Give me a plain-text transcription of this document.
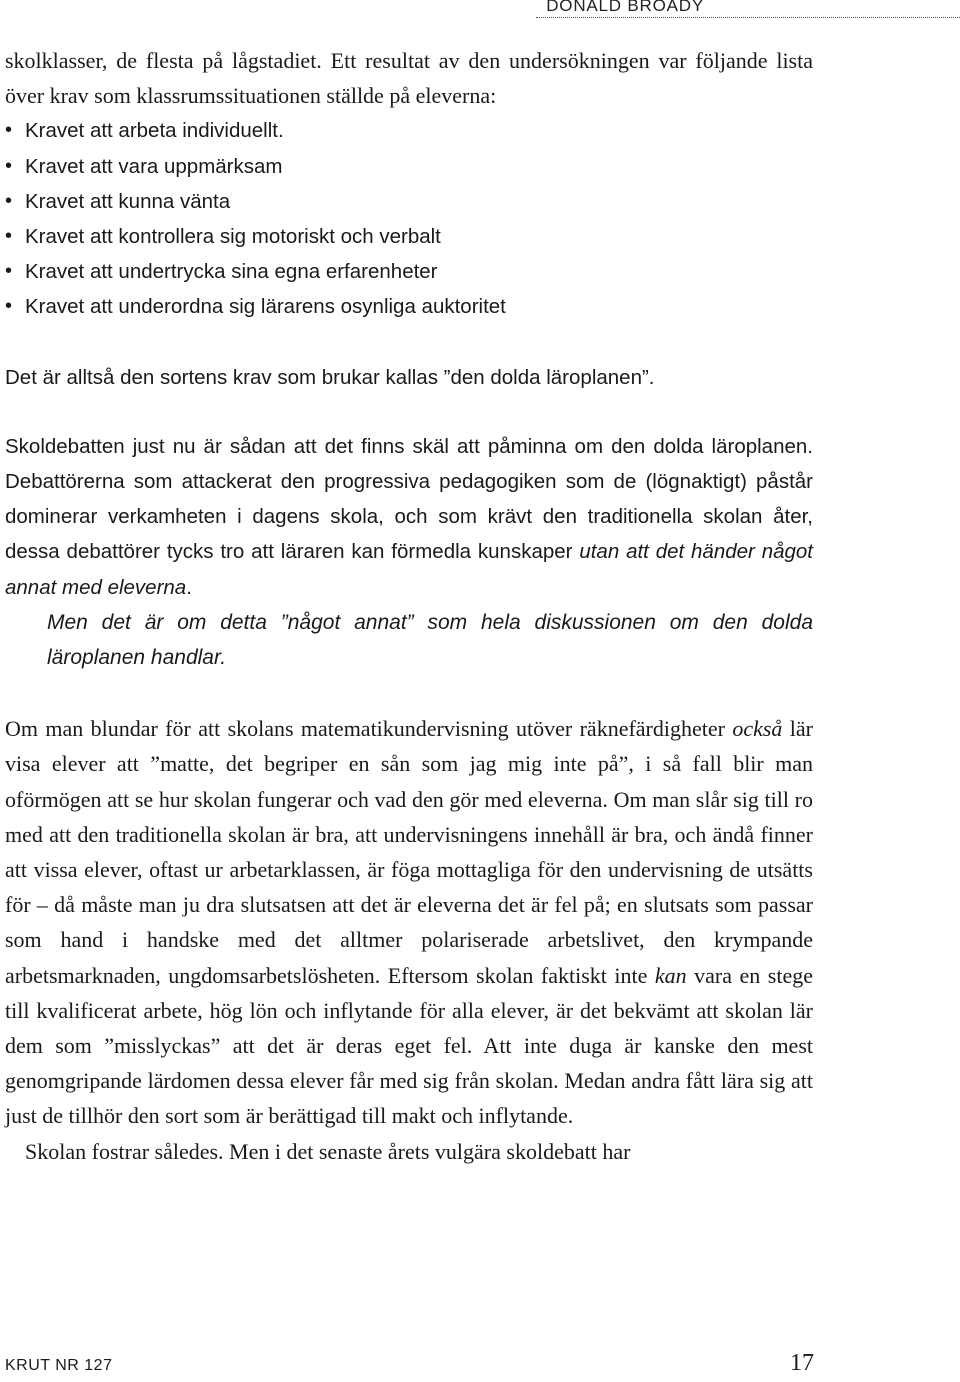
DONALD BROADY

skolklasser, de flesta på lågstadiet. Ett resultat av den undersökningen var följande lista över krav som klassrumssituationen ställde på eleverna:

• Kravet att arbeta individuellt.
• Kravet att vara uppmärksam
• Kravet att kunna vänta
• Kravet att kontrollera sig motoriskt och verbalt
• Kravet att undertrycka sina egna erfarenheter
• Kravet att underordna sig lärarens osynliga auktoritet

Det är alltså den sortens krav som brukar kallas ”den dolda läroplanen”.

Skoldebatten just nu är sådan att det finns skäl att påminna om den dolda läroplanen. Debattörerna som attackerat den progressiva pedagogiken som de (lögnaktigt) påstår dominerar verkamheten i dagens skola, och som krävt den traditionella skolan åter, dessa debattörer tycks tro att läraren kan förmedla kunskaper utan att det händer något annat med eleverna.

Men det är om detta ”något annat” som hela diskussionen om den dolda läroplanen handlar.

Om man blundar för att skolans matematikundervisning utöver räknefärdigheter också lär visa elever att ”matte, det begriper en sån som jag mig inte på”, i så fall blir man oförmögen att se hur skolan fungerar och vad den gör med eleverna. Om man slår sig till ro med att den traditionella skolan är bra, att undervisningens innehåll är bra, och ändå finner att vissa elever, oftast ur arbetarklassen, är föga mottagliga för den undervisning de utsätts för – då måste man ju dra slutsatsen att det är eleverna det är fel på; en slutsats som passar som hand i handske med det alltmer polariserade arbetslivet, den krympande arbetsmarknaden, ungdomsarbetslösheten. Eftersom skolan faktiskt inte kan vara en stege till kvalificerat arbete, hög lön och inflytande för alla elever, är det bekvämt att skolan lär dem som ”misslyckas” att det är deras eget fel. Att inte duga är kanske den mest genomgripande lärdomen dessa elever får med sig från skolan. Medan andra fått lära sig att just de tillhör den sort som är berättigad till makt och inflytande.

Skolan fostrar således. Men i det senaste årets vulgära skoldebatt har

KRUT NR 127	17
